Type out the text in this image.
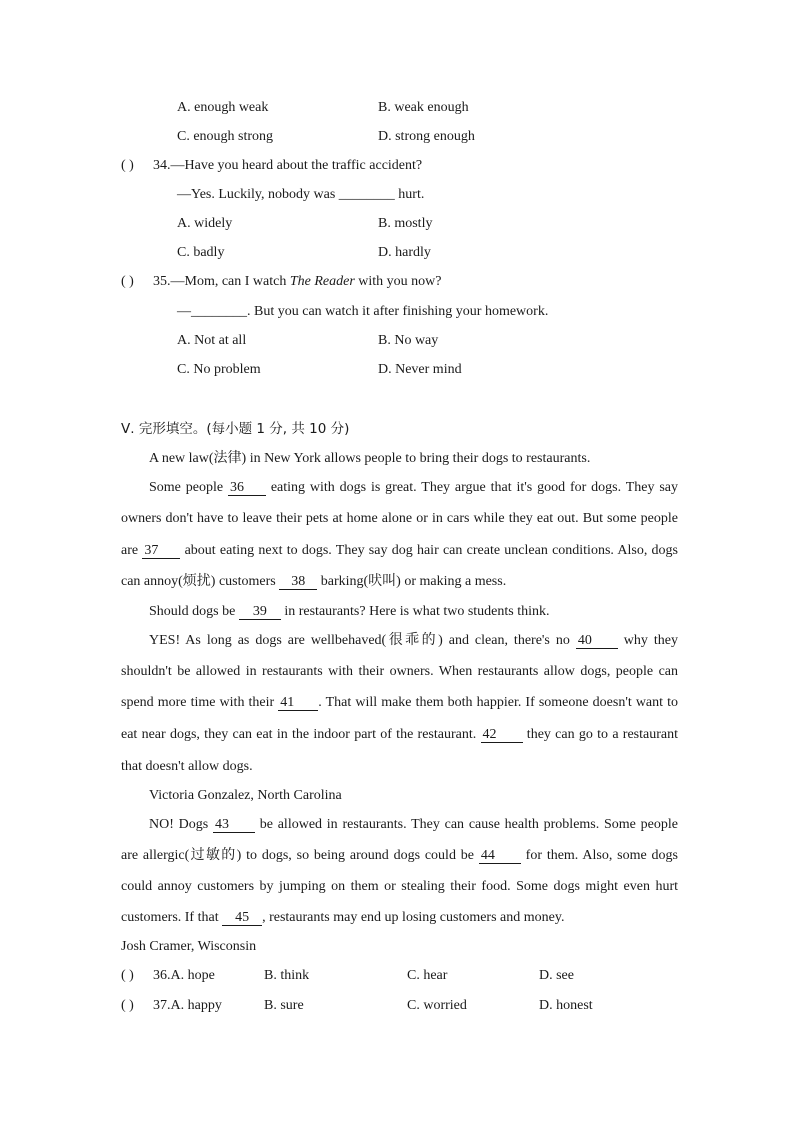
A. enough weak	B. weak enough
C. enough strong	D. strong enough
( ) 34.—Have you heard about the traffic accident?
—Yes. Luckily, nobody was ________ hurt.
A. widely	B. mostly
C. badly	D. hardly
( ) 35.—Mom, can I watch The Reader with you now?
—________. But you can watch it after finishing your homework.
A. Not at all	B. No way
C. No problem	D. Never mind
Ⅴ. 完形填空。(每小题 1 分, 共 10 分)
A new law(法律) in New York allows people to bring their dogs to restaurants.
Some people 36 eating with dogs is great. They argue that it's good for dogs. They say
owners don't have to leave their pets at home alone or in cars while they eat out. But some people
are 37 about eating next to dogs. They say dog hair can create unclean conditions. Also, dogs
can annoy(烦扰) customers 38 barking(吠叫) or making a mess.
Should dogs be 39 in restaurants? Here is what two students think.
YES! As long as dogs are wellbehaved(很乖的) and clean, there's no 40 why they
shouldn't be allowed in restaurants with their owners. When restaurants allow dogs, people can
spend more time with their 41 . That will make them both happier. If someone doesn't want to
eat near dogs, they can eat in the indoor part of the restaurant. 42 they can go to a restaurant
that doesn't allow dogs.
Victoria Gonzalez, North Carolina
NO! Dogs 43 be allowed in restaurants. They can cause health problems. Some people
are allergic(过敏的) to dogs, so being around dogs could be 44 for them. Also, some dogs
could annoy customers by jumping on them or stealing their food. Some dogs might even hurt
customers. If that 45 , restaurants may end up losing customers and money.
Josh Cramer, Wisconsin
( ) 36.A. hope	B. think	C. hear	D. see
( ) 37.A. happy	B. sure	C. worried	D. honest
